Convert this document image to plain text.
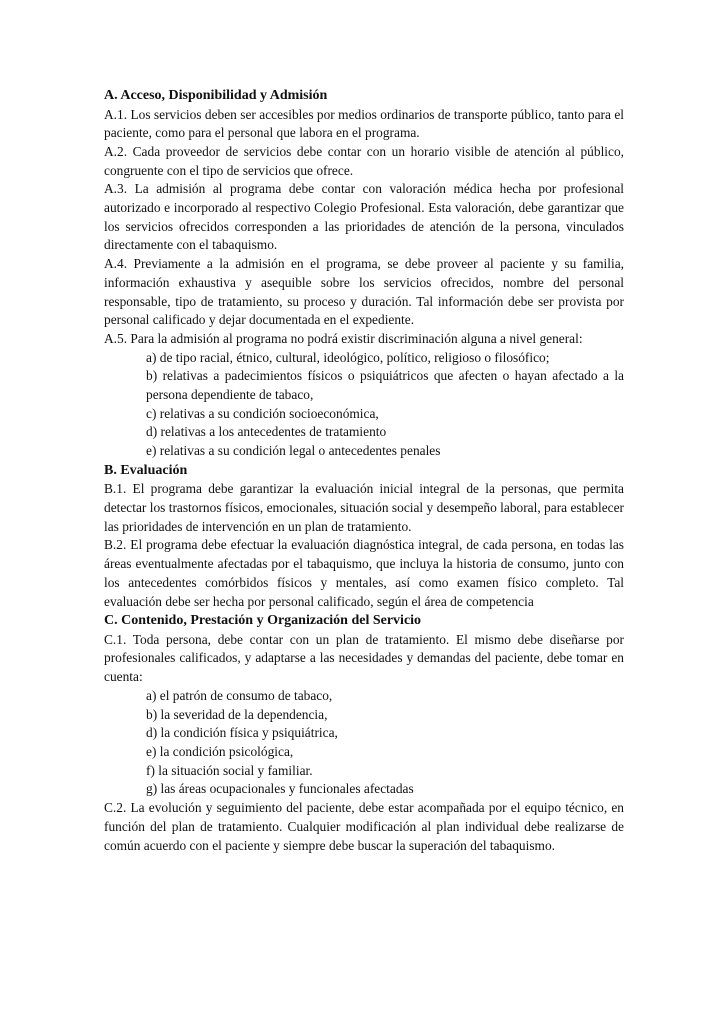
A. Acceso, Disponibilidad y Admisión

A.1. Los servicios deben ser accesibles por medios ordinarios de transporte público, tanto para el paciente, como para el personal que labora en el programa.

A.2. Cada proveedor de servicios debe contar con un horario visible de atención al público, congruente con el tipo de servicios que ofrece.

A.3. La admisión al programa debe contar con valoración médica hecha por profesional autorizado e incorporado al respectivo Colegio Profesional. Esta valoración, debe garantizar que los servicios ofrecidos corresponden a las prioridades de atención de la persona, vinculados directamente con el tabaquismo.

A.4. Previamente a la admisión en el programa, se debe proveer al paciente y su familia, información exhaustiva y asequible sobre los servicios ofrecidos, nombre del personal responsable, tipo de tratamiento, su proceso y duración. Tal información debe ser provista por personal calificado y dejar documentada en el expediente.

A.5. Para la admisión al programa no podrá existir discriminación alguna a nivel general:

a) de tipo racial, étnico, cultural, ideológico, político, religioso o filosófico;
b) relativas a padecimientos físicos o psiquiátricos que afecten o hayan afectado a la persona dependiente de tabaco,
c) relativas a su condición socioeconómica,
d) relativas a los antecedentes de tratamiento
e) relativas a su condición legal o antecedentes penales

B. Evaluación

B.1. El programa debe garantizar la evaluación inicial integral de la personas, que permita detectar los trastornos físicos, emocionales, situación social y desempeño laboral, para establecer las prioridades de intervención en un plan de tratamiento.

B.2. El programa debe efectuar la evaluación diagnóstica integral, de cada persona, en todas las áreas eventualmente afectadas por el tabaquismo, que incluya la historia de consumo, junto con los antecedentes comórbidos físicos y mentales, así como examen físico completo. Tal evaluación debe ser hecha por personal calificado, según el área de competencia

C. Contenido, Prestación y Organización del Servicio

C.1. Toda persona, debe contar con un plan de tratamiento. El mismo debe diseñarse por profesionales calificados, y adaptarse a las necesidades y demandas del paciente, debe tomar en cuenta:

a) el patrón de consumo de tabaco,
b) la severidad de la dependencia,
d) la condición física y psiquiátrica,
e) la condición psicológica,
f) la situación social y familiar.
g) las áreas ocupacionales y funcionales afectadas

C.2. La evolución y seguimiento del paciente, debe estar acompañada por el equipo técnico, en función del plan de tratamiento. Cualquier modificación al plan individual debe realizarse de común acuerdo con el paciente y siempre debe buscar la superación del tabaquismo.
